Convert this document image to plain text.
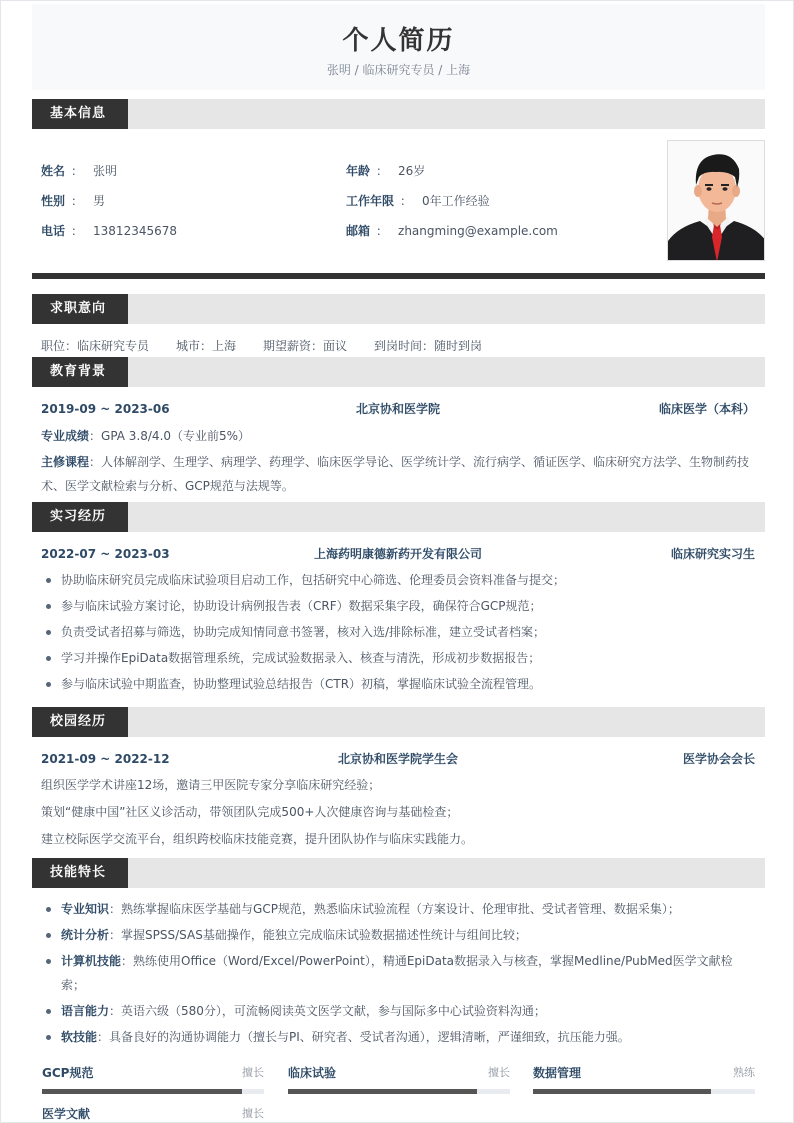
个人简历
张明 / 临床研究专员 / 上海
基本信息
姓名 ： 张明
性别 ： 男
电话 ： 13812345678
年龄 ： 26岁
工作年限 ： 0年工作经验
邮箱 ： zhangming@example.com
求职意向
职位：临床研究专员 城市：上海 期望薪资：面议 到岗时间：随时到岗
教育背景
2019-09 ~ 2023-06	北京协和医学院	临床医学（本科）
专业成绩：GPA 3.8/4.0（专业前5%）
主修课程：人体解剖学、生理学、病理学、药理学、临床医学导论、医学统计学、流行病学、循证医学、临床研究方法学、生物制药技术、医学文献检索与分析、GCP规范与法规等。
实习经历
2022-07 ~ 2023-03	上海药明康德新药开发有限公司	临床研究实习生
协助临床研究员完成临床试验项目启动工作，包括研究中心筛选、伦理委员会资料准备与提交；
参与临床试验方案讨论，协助设计病例报告表（CRF）数据采集字段，确保符合GCP规范；
负责受试者招募与筛选，协助完成知情同意书签署，核对入选/排除标准，建立受试者档案；
学习并操作EpiData数据管理系统，完成试验数据录入、核查与清洗，形成初步数据报告；
参与临床试验中期监查，协助整理试验总结报告（CTR）初稿，掌握临床试验全流程管理。
校园经历
2021-09 ~ 2022-12	北京协和医学院学生会	医学协会会长
组织医学学术讲座12场，邀请三甲医院专家分享临床研究经验；
策划“健康中国”社区义诊活动，带领团队完成500+人次健康咨询与基础检查；
建立校际医学交流平台，组织跨校临床技能竞赛，提升团队协作与临床实践能力。
技能特长
专业知识：熟练掌握临床医学基础与GCP规范，熟悉临床试验流程（方案设计、伦理审批、受试者管理、数据采集）；
统计分析：掌握SPSS/SAS基础操作，能独立完成临床试验数据描述性统计与组间比较；
计算机技能：熟练使用Office（Word/Excel/PowerPoint），精通EpiData数据录入与核查，掌握Medline/PubMed医学文献检索；
语言能力：英语六级（580分），可流畅阅读英文医学文献，参与国际多中心试验资料沟通；
软技能：具备良好的沟通协调能力（擅长与PI、研究者、受试者沟通），逻辑清晰，严谨细致，抗压能力强。
GCP规范	擅长 临床试验	擅长 数据管理	熟练
医学文献	擅长
